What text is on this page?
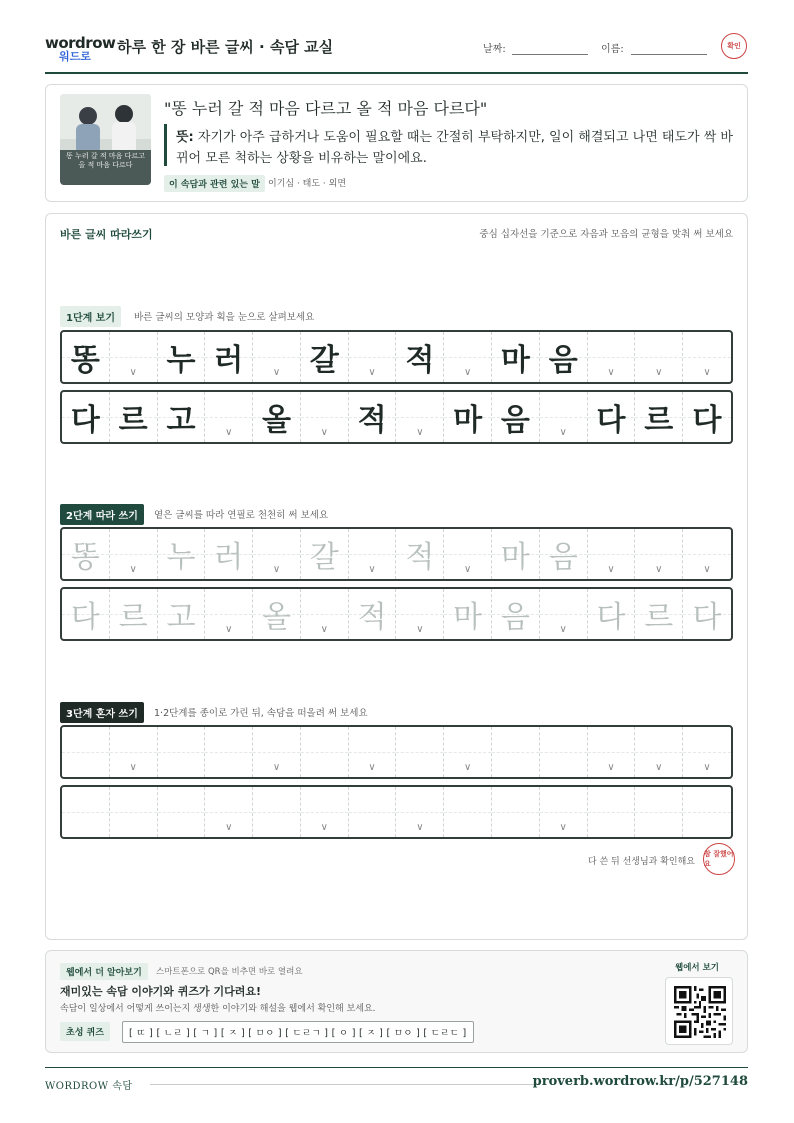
wordrow
워드로
하루 한 장 바른 글씨 · 속담 교실	날짜:	이름:	확인
똥 누러 갈 적 마음 다르고 올 적 마음 다르다
"똥 누러 갈 적 마음 다르고 올 적 마음 다르다"
뜻: 자기가 아주 급하거나 도움이 필요할 때는 간절히 부탁하지만, 일이 해결되고 나면 태도가 싹 바뀌어 모른 척하는 상황을 비유하는 말이에요.
이 속담과 관련 있는 말 이기심 · 태도 · 외면
바른 글씨 따라쓰기	중심 십자선을 기준으로 자음과 모음의 균형을 맞춰 써 보세요
1단계 보기	바른 글씨의 모양과 획을 눈으로 살펴보세요
똥	∨ 누 러	∨ 갈	∨ 적	∨ 마 음	∨	∨	∨
다 르 고	∨ 올	∨ 적	∨ 마 음	∨ 다 르 다
2단계 따라 쓰기	옅은 글씨를 따라 연필로 천천히 써 보세요
똥	∨ 누 러	∨ 갈	∨ 적	∨ 마 음	∨	∨	∨
다 르 고	∨ 올	∨ 적	∨ 마 음	∨ 다 르 다
3단계 혼자 쓰기	1·2단계를 종이로 가린 뒤, 속담을 떠올려 써 보세요
∨	∨	∨	∨	∨	∨	∨
∨	∨	∨	∨
다 쓴 뒤 선생님과 확인해요
참 잘했어요
웹에서 더 알아보기	스마트폰으로 QR을 비추면 바로 열려요
재미있는 속담 이야기와 퀴즈가 기다려요!
속담이 일상에서 어떻게 쓰이는지 생생한 이야기와 해설을 웹에서 확인해 보세요.
초성 퀴즈	[ ㄸ ] [ ㄴㄹ ] [ ㄱ ] [ ㅈ ] [ ㅁㅇ ] [ ㄷㄹㄱ ] [ ㅇ ] [ ㅈ ] [ ㅁㅇ ] [ ㄷㄹㄷ ]
웹에서 보기
WORDROW 속담	proverb.wordrow.kr/p/527148
